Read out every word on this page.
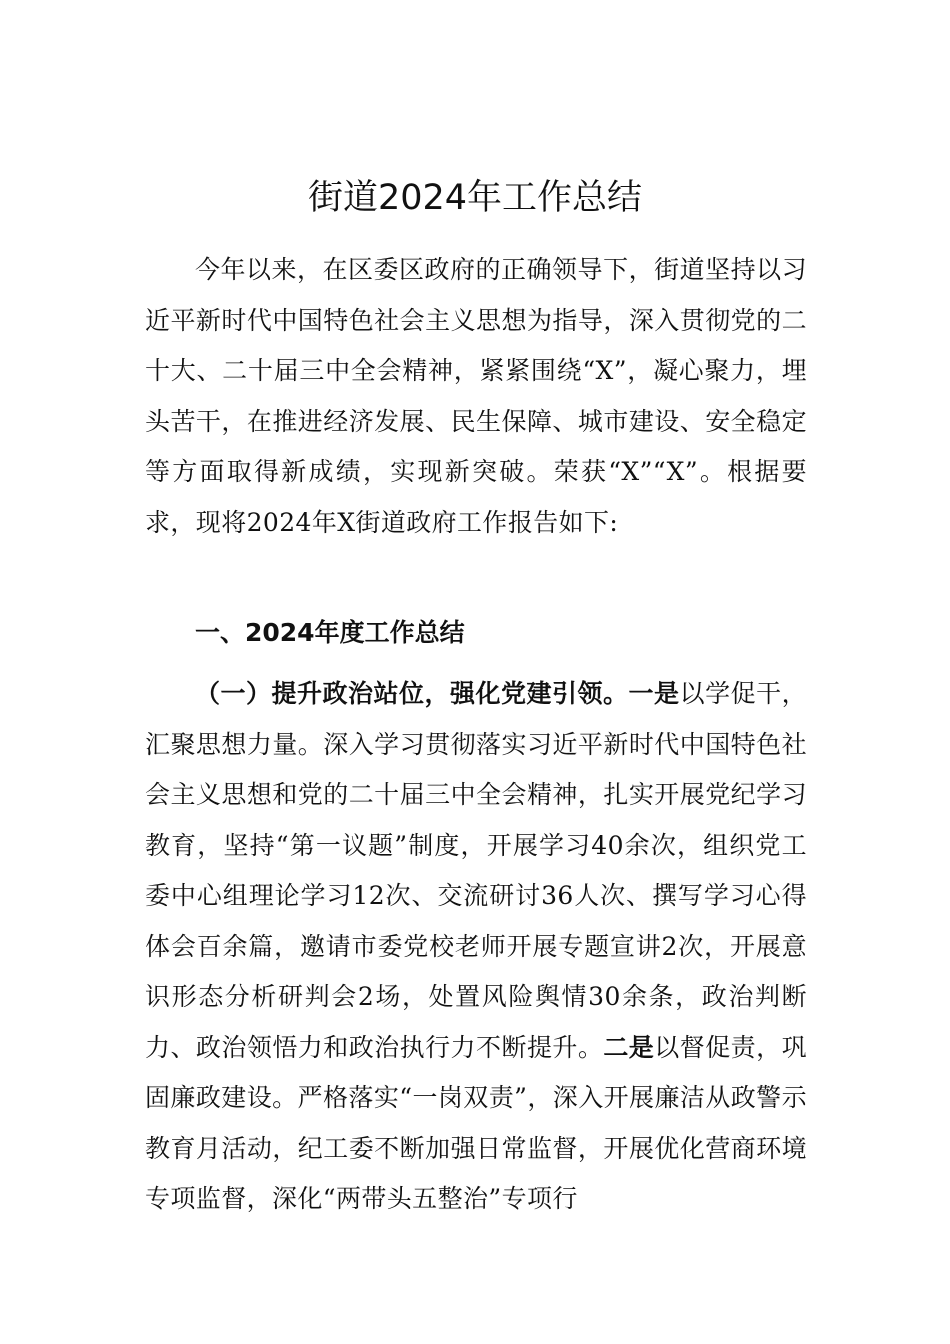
街道2024年工作总结

今年以来，在区委区政府的正确领导下，街道坚持以习近平新时代中国特色社会主义思想为指导，深入贯彻党的二十大、二十届三中全会精神，紧紧围绕“X”，凝心聚力，埋头苦干，在推进经济发展、民生保障、城市建设、安全稳定等方面取得新成绩，实现新突破。荣获“X”“X”。根据要求，现将2024年X街道政府工作报告如下:

一、2024年度工作总结

（一）提升政治站位，强化党建引领。一是以学促干，汇聚思想力量。深入学习贯彻落实习近平新时代中国特色社会主义思想和党的二十届三中全会精神，扎实开展党纪学习教育，坚持“第一议题”制度，开展学习40余次，组织党工委中心组理论学习12次、交流研讨36人次、撰写学习心得体会百余篇，邀请市委党校老师开展专题宣讲2次，开展意识形态分析研判会2场，处置风险舆情30余条，政治判断力、政治领悟力和政治执行力不断提升。二是以督促责，巩固廉政建设。严格落实“一岗双责”，深入开展廉洁从政警示教育月活动，纪工委不断加强日常监督，开展优化营商环境专项监督，深化“两带头五整治”专项行
